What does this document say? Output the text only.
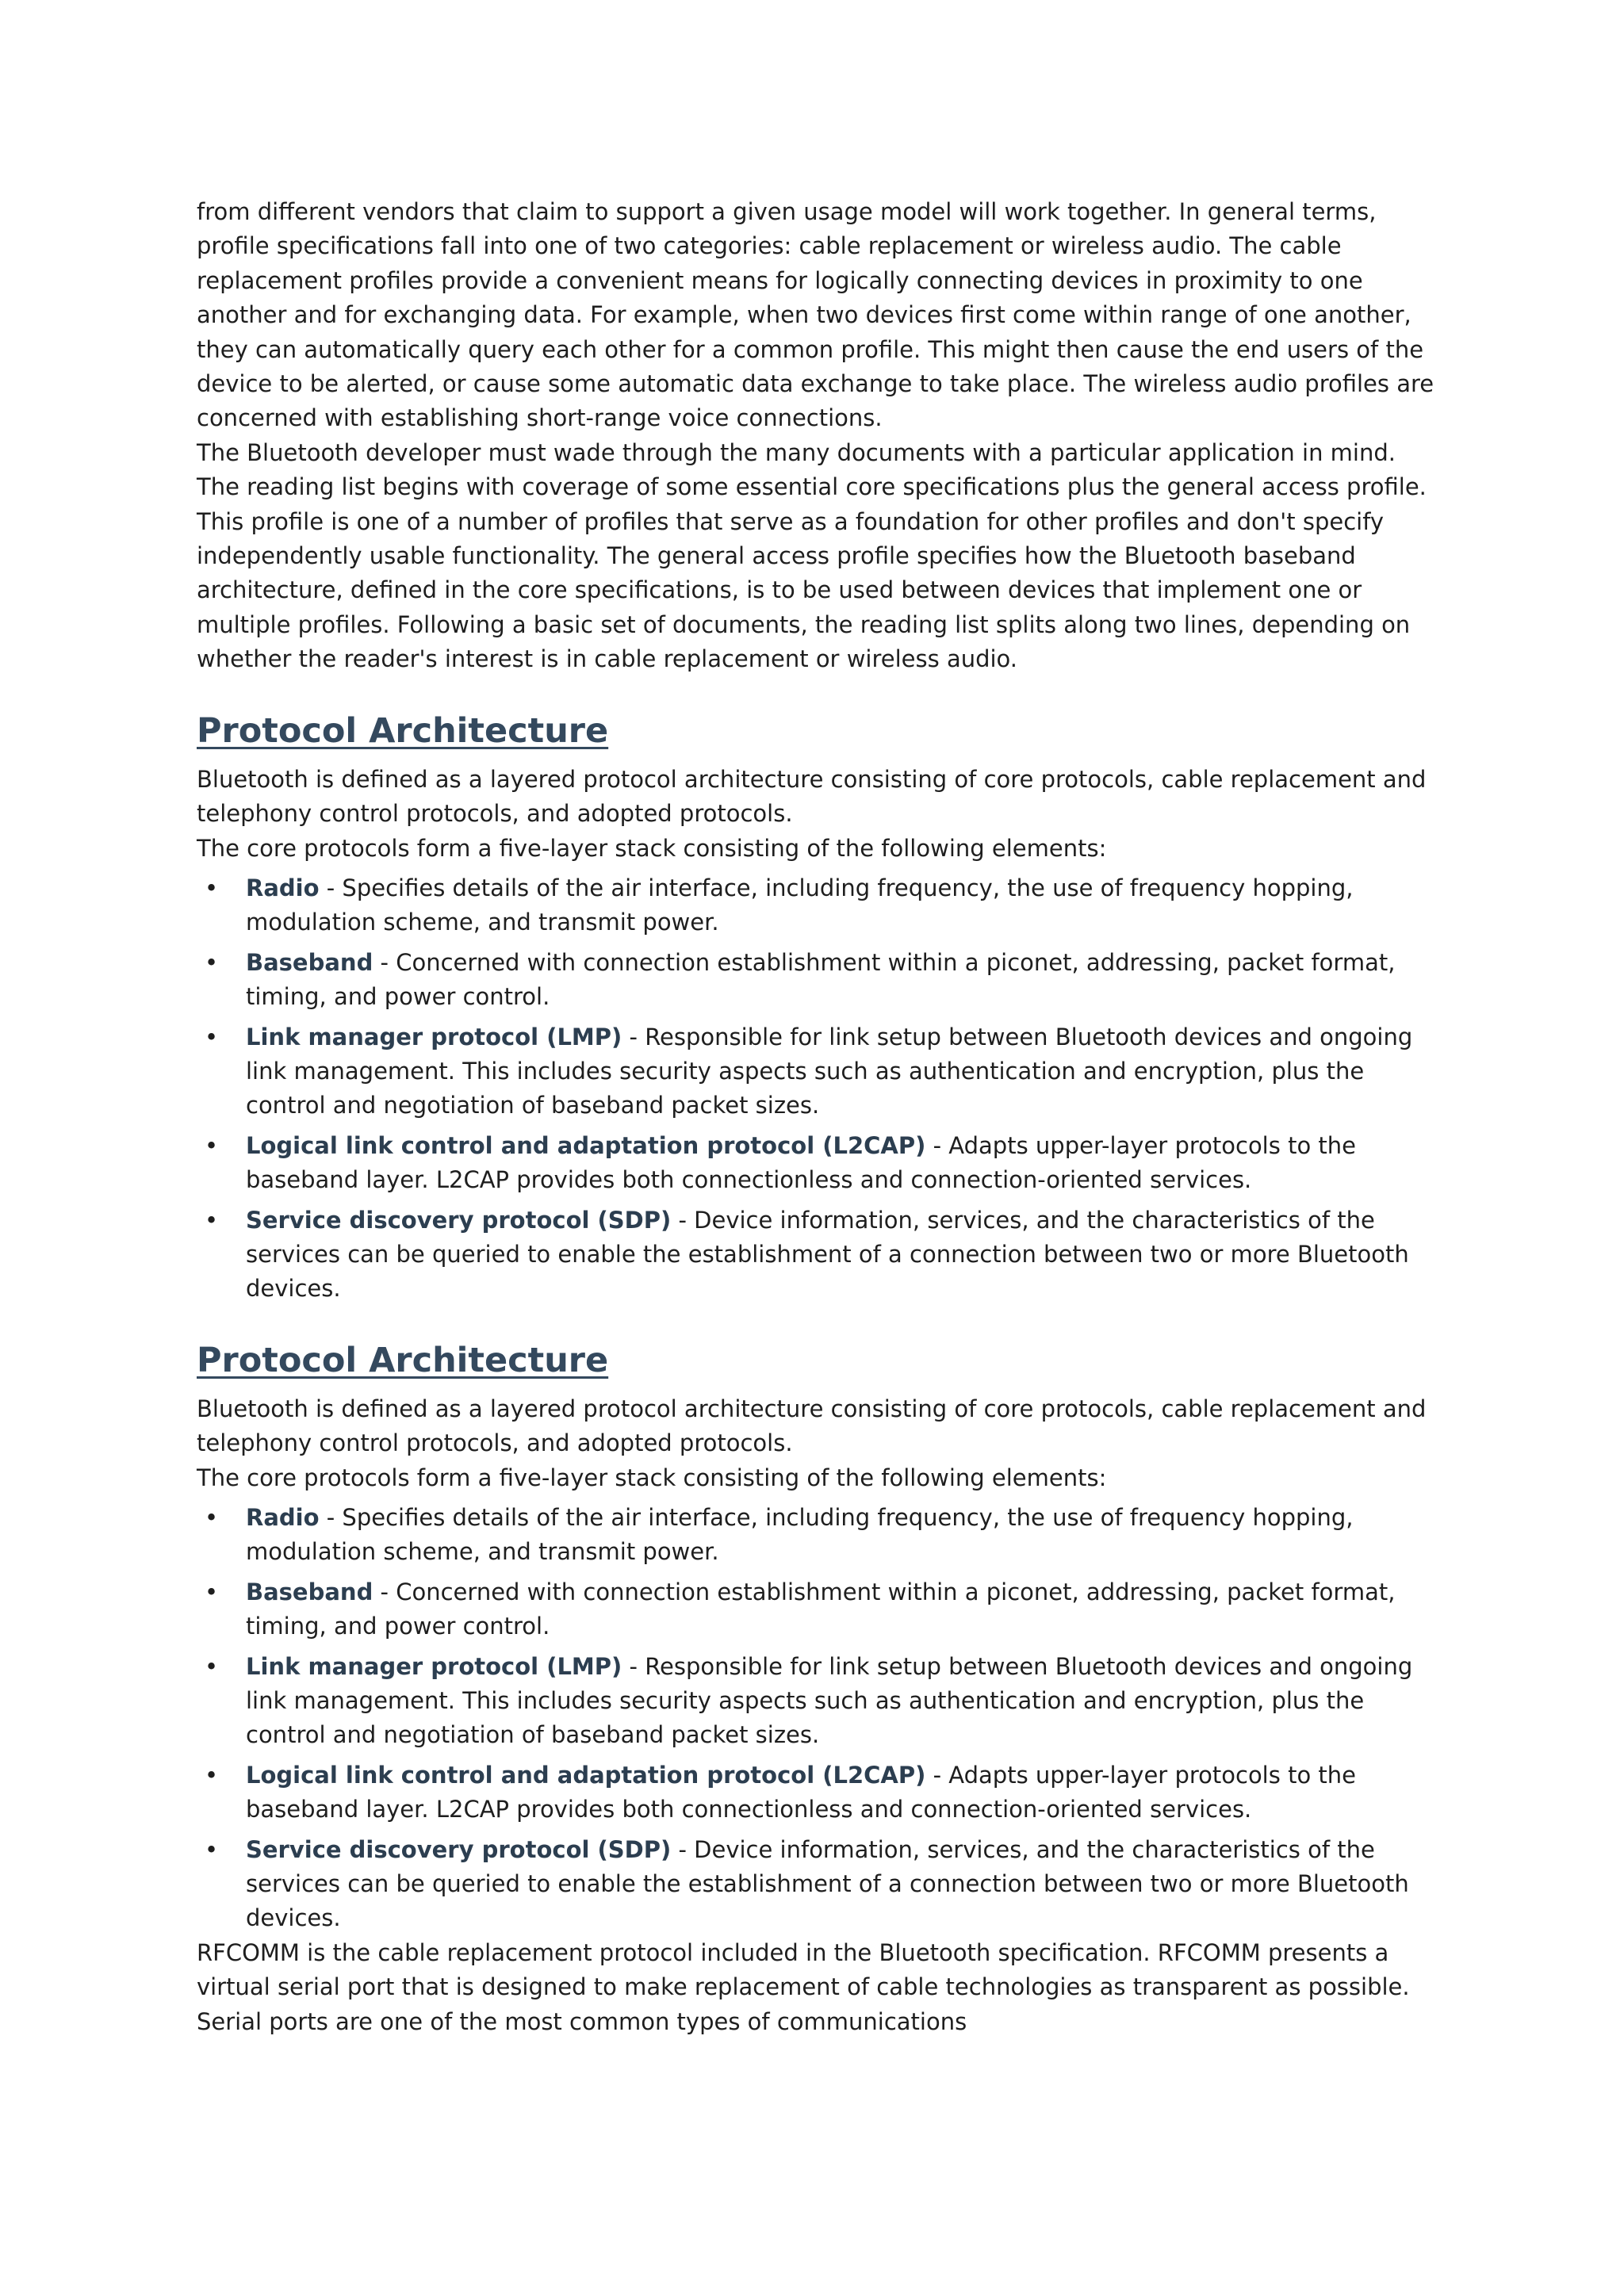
from different vendors that claim to support a given usage model will work together. In general terms, profile specifications fall into one of two categories: cable replacement or wireless audio. The cable replacement profiles provide a convenient means for logically connecting devices in proximity to one another and for exchanging data. For example, when two devices first come within range of one another, they can automatically query each other for a common profile. This might then cause the end users of the device to be alerted, or cause some automatic data exchange to take place. The wireless audio profiles are concerned with establishing short-range voice connections.

The Bluetooth developer must wade through the many documents with a particular application in mind. The reading list begins with coverage of some essential core specifications plus the general access profile. This profile is one of a number of profiles that serve as a foundation for other profiles and don't specify independently usable functionality. The general access profile specifies how the Bluetooth baseband architecture, defined in the core specifications, is to be used between devices that implement one or multiple profiles. Following a basic set of documents, the reading list splits along two lines, depending on whether the reader's interest is in cable replacement or wireless audio.

Protocol Architecture

Bluetooth is defined as a layered protocol architecture consisting of core protocols, cable replacement and telephony control protocols, and adopted protocols.

The core protocols form a five-layer stack consisting of the following elements:

• Radio - Specifies details of the air interface, including frequency, the use of frequency hopping, modulation scheme, and transmit power.
• Baseband - Concerned with connection establishment within a piconet, addressing, packet format, timing, and power control.
• Link manager protocol (LMP) - Responsible for link setup between Bluetooth devices and ongoing link management. This includes security aspects such as authentication and encryption, plus the control and negotiation of baseband packet sizes.
• Logical link control and adaptation protocol (L2CAP) - Adapts upper-layer protocols to the baseband layer. L2CAP provides both connectionless and connection-oriented services.
• Service discovery protocol (SDP) - Device information, services, and the characteristics of the services can be queried to enable the establishment of a connection between two or more Bluetooth devices.
Protocol Architecture

Bluetooth is defined as a layered protocol architecture consisting of core protocols, cable replacement and telephony control protocols, and adopted protocols.

The core protocols form a five-layer stack consisting of the following elements:

• Radio - Specifies details of the air interface, including frequency, the use of frequency hopping, modulation scheme, and transmit power.
• Baseband - Concerned with connection establishment within a piconet, addressing, packet format, timing, and power control.
• Link manager protocol (LMP) - Responsible for link setup between Bluetooth devices and ongoing link management. This includes security aspects such as authentication and encryption, plus the control and negotiation of baseband packet sizes.
• Logical link control and adaptation protocol (L2CAP) - Adapts upper-layer protocols to the baseband layer. L2CAP provides both connectionless and connection-oriented services.
• Service discovery protocol (SDP) - Device information, services, and the characteristics of the services can be queried to enable the establishment of a connection between two or more Bluetooth devices.

RFCOMM is the cable replacement protocol included in the Bluetooth specification. RFCOMM presents a virtual serial port that is designed to make replacement of cable technologies as transparent as possible. Serial ports are one of the most common types of communications
